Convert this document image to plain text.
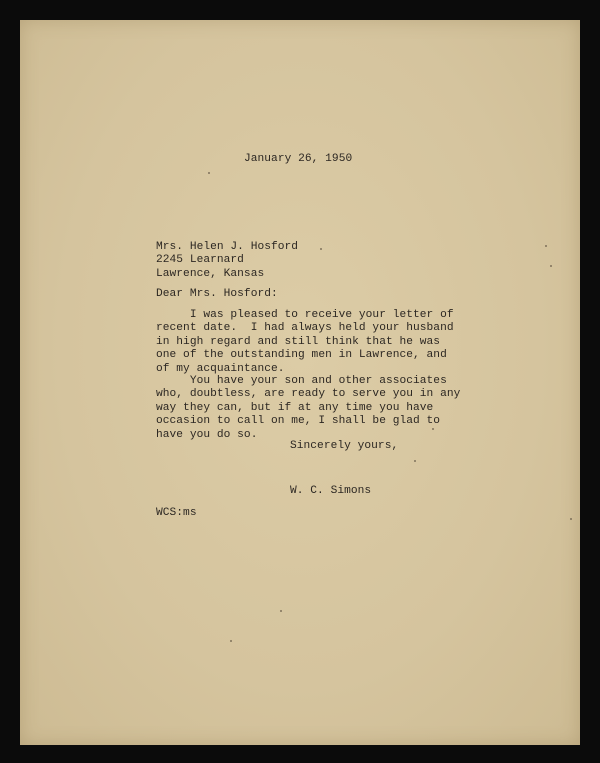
January 26, 1950
Mrs. Helen J. Hosford
2245 Learnard
Lawrence, Kansas
Dear Mrs. Hosford:
I was pleased to receive your letter of
recent date.  I had always held your husband
in high regard and still think that he was
one of the outstanding men in Lawrence, and
of my acquaintance.
You have your son and other associates
who, doubtless, are ready to serve you in any
way they can, but if at any time you have
occasion to call on me, I shall be glad to
have you do so.
Sincerely yours,
W. C. Simons
WCS:ms
